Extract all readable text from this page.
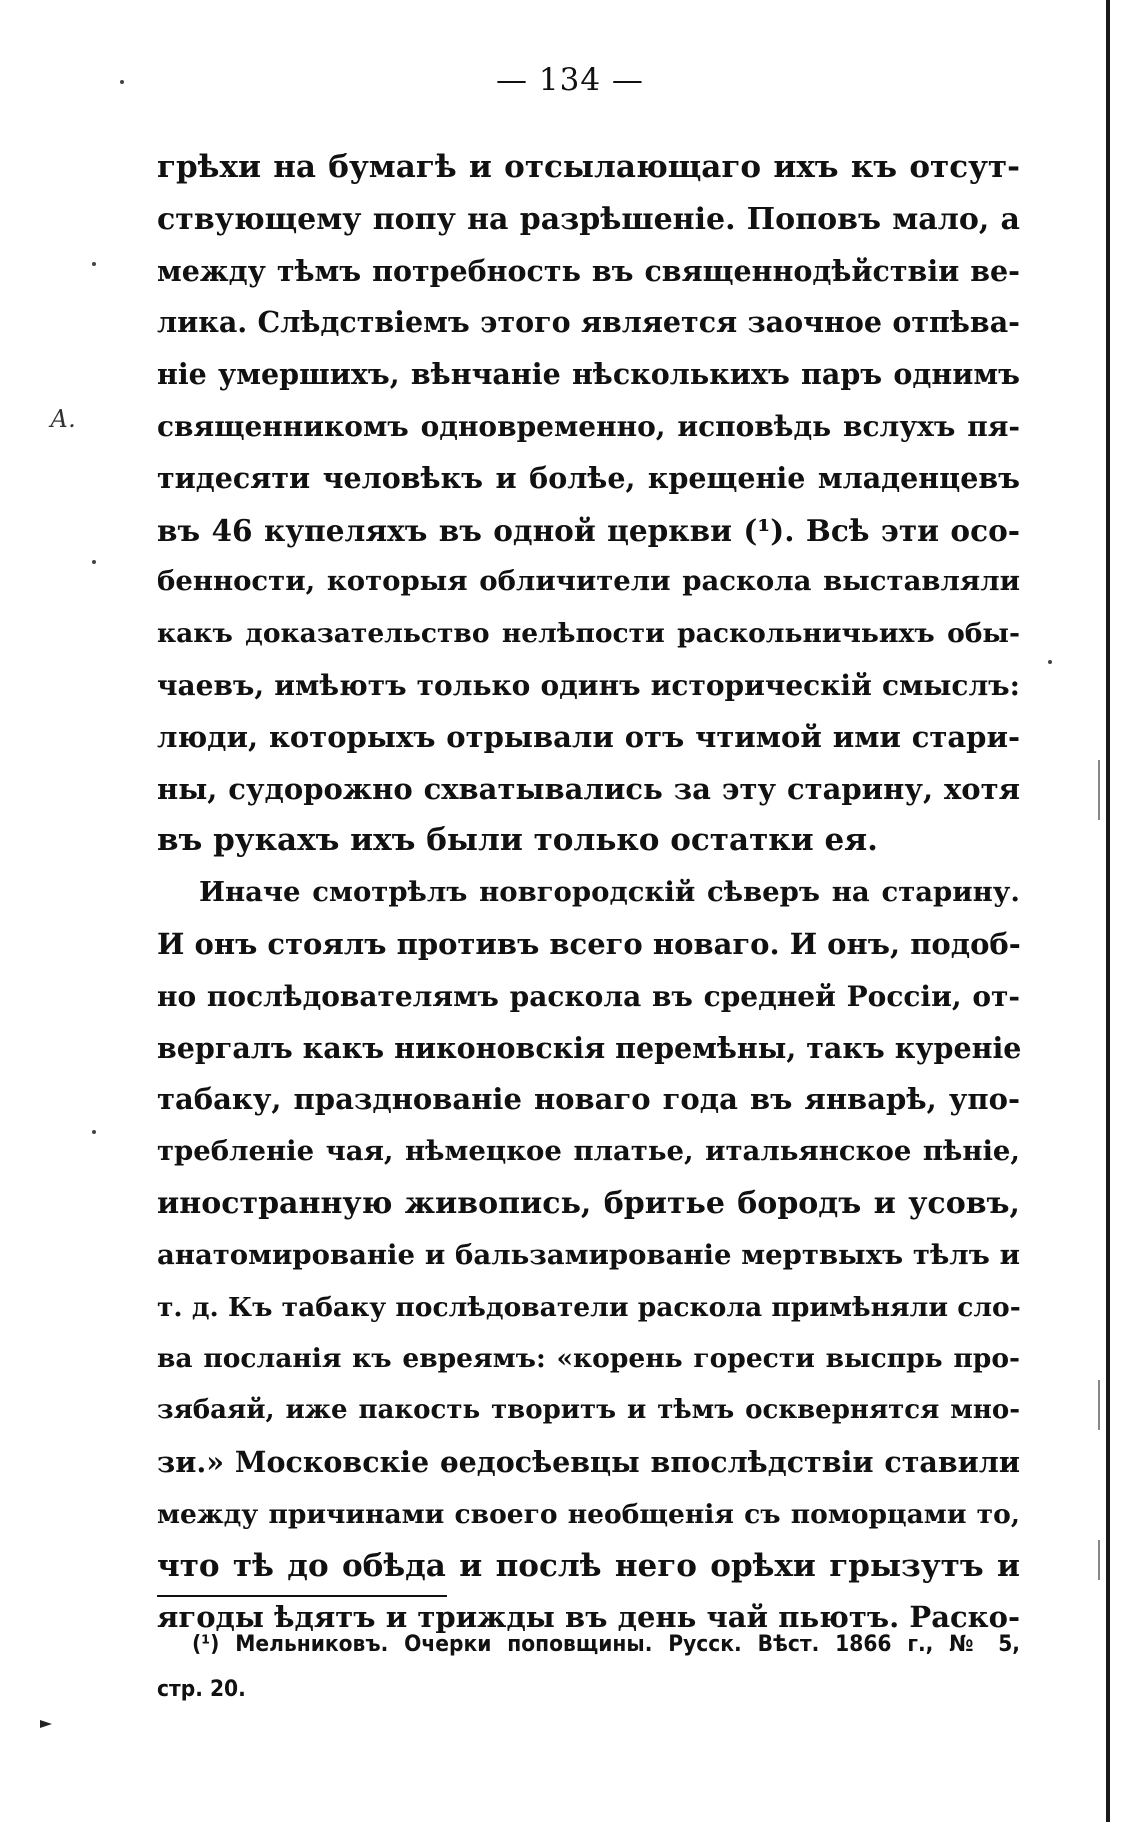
А.
— 134 —
грѣхи на бумагѣ и отсылающаго ихъ къ отсут-
ствующему попу на разрѣшеніе. Поповъ мало, а
между тѣмъ потребность въ священнодѣйствіи ве-
лика. Слѣдствіемъ этого является заочное отпѣва-
ніе умершихъ, вѣнчаніе нѣсколькихъ паръ однимъ
священникомъ одновременно, исповѣдь вслухъ пя-
тидесяти человѣкъ и болѣе, крещеніе младенцевъ
въ 46 купеляхъ въ одной церкви (¹). Всѣ эти осо-
бенности, которыя обличители раскола выставляли
какъ доказательство нелѣпости раскольничьихъ обы-
чаевъ, имѣютъ только одинъ историческій смыслъ:
люди, которыхъ отрывали отъ чтимой ими стари-
ны, судорожно схватывались за эту старину, хотя
въ рукахъ ихъ были только остатки ея.
Иначе смотрѣлъ новгородскій сѣверъ на старину.
И онъ стоялъ противъ всего новаго. И онъ, подоб-
но послѣдователямъ раскола въ средней Россіи, от-
вергалъ какъ никоновскія перемѣны, такъ куреніе
табаку, празднованіе новаго года въ январѣ, упо-
требленіе чая, нѣмецкое платье, итальянское пѣніе,
иностранную живопись, бритье бородъ и усовъ,
анатомированіе и бальзамированіе мертвыхъ тѣлъ и
т. д. Къ табаку послѣдователи раскола примѣняли сло-
ва посланія къ евреямъ: «корень горести выспрь про-
зябаяй, иже пакость творитъ и тѣмъ осквернятся мно-
зи.» Московскіе ѳедосѣевцы впослѣдствіи ставили
между причинами своего необщенія съ поморцами то,
что тѣ до обѣда и послѣ него орѣхи грызутъ и
ягоды ѣдятъ и трижды въ день чай пьютъ. Раско-
(¹) Мельниковъ. Очерки поповщины. Русск. Вѣст. 1866 г., № 5,
стр. 20.
